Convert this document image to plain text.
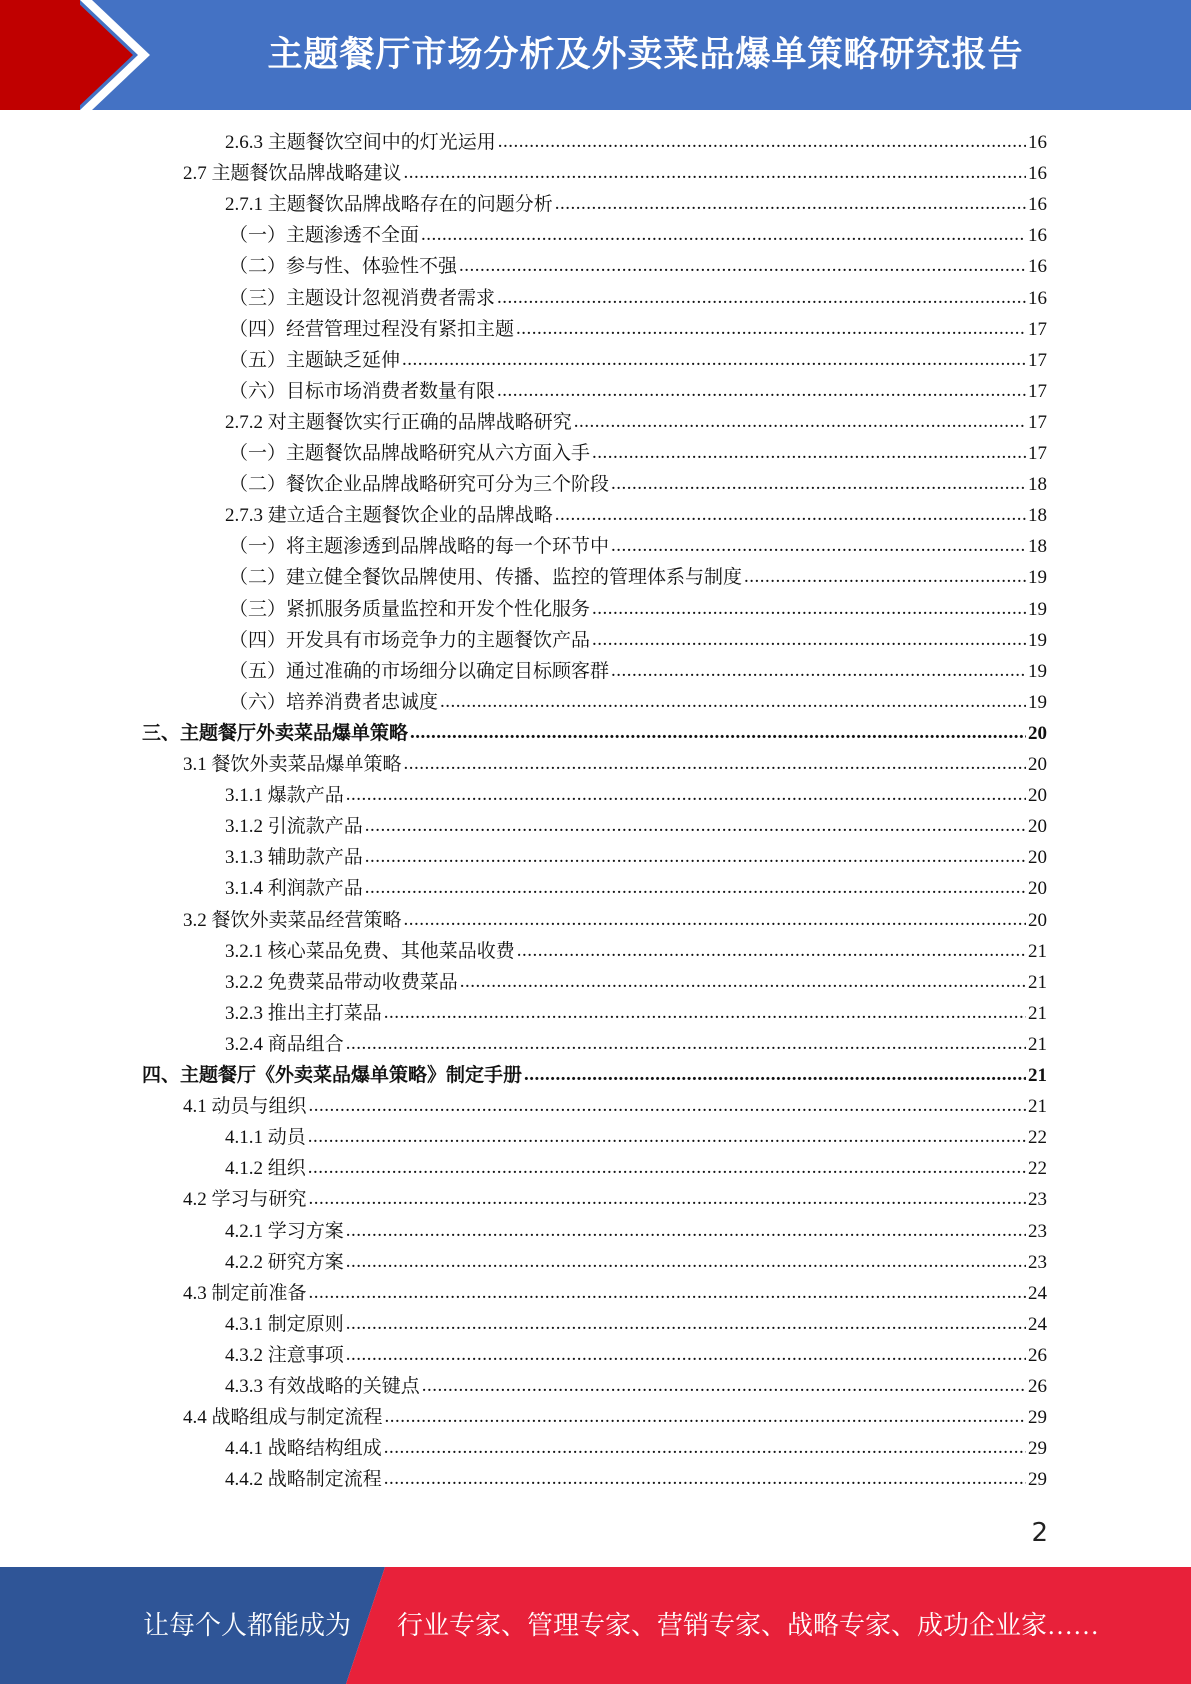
主题餐厅市场分析及外卖菜品爆单策略研究报告
2.6.3 主题餐饮空间中的灯光运用 .....	16
2.7 主题餐饮品牌战略建议 .....	16
2.7.1 主题餐饮品牌战略存在的问题分析 .....	16
（一）主题渗透不全面 .....	16
（二）参与性、体验性不强 .....	16
（三）主题设计忽视消费者需求 .....	16
（四）经营管理过程没有紧扣主题 .....	17
（五）主题缺乏延伸 .....	17
（六）目标市场消费者数量有限 .....	17
2.7.2 对主题餐饮实行正确的品牌战略研究 .....	17
（一）主题餐饮品牌战略研究从六方面入手 .....	17
（二）餐饮企业品牌战略研究可分为三个阶段 .....	18
2.7.3 建立适合主题餐饮企业的品牌战略 .....	18
（一）将主题渗透到品牌战略的每一个环节中 .....	18
（二）建立健全餐饮品牌使用、传播、监控的管理体系与制度 .....	19
（三）紧抓服务质量监控和开发个性化服务 .....	19
（四）开发具有市场竞争力的主题餐饮产品 .....	19
（五）通过准确的市场细分以确定目标顾客群 .....	19
（六）培养消费者忠诚度 .....	19
三、主题餐厅外卖菜品爆单策略 .....	20
3.1 餐饮外卖菜品爆单策略 .....	20
3.1.1 爆款产品 .....	20
3.1.2 引流款产品 .....	20
3.1.3 辅助款产品 .....	20
3.1.4 利润款产品 .....	20
3.2 餐饮外卖菜品经营策略 .....	20
3.2.1 核心菜品免费、其他菜品收费 .....	21
3.2.2 免费菜品带动收费菜品 .....	21
3.2.3 推出主打菜品 .....	21
3.2.4 商品组合 .....	21
四、主题餐厅《外卖菜品爆单策略》制定手册 .....	21
4.1 动员与组织 .....	21
4.1.1 动员 .....	22
4.1.2 组织 .....	22
4.2 学习与研究 .....	23
4.2.1 学习方案 .....	23
4.2.2 研究方案 .....	23
4.3 制定前准备 .....	24
4.3.1 制定原则 .....	24
4.3.2 注意事项 .....	26
4.3.3 有效战略的关键点 .....	26
4.4 战略组成与制定流程 .....	29
4.4.1 战略结构组成 .....	29
4.4.2 战略制定流程 .....	29
2
让每个人都能成为 行业专家、管理专家、营销专家、战略专家、成功企业家……
